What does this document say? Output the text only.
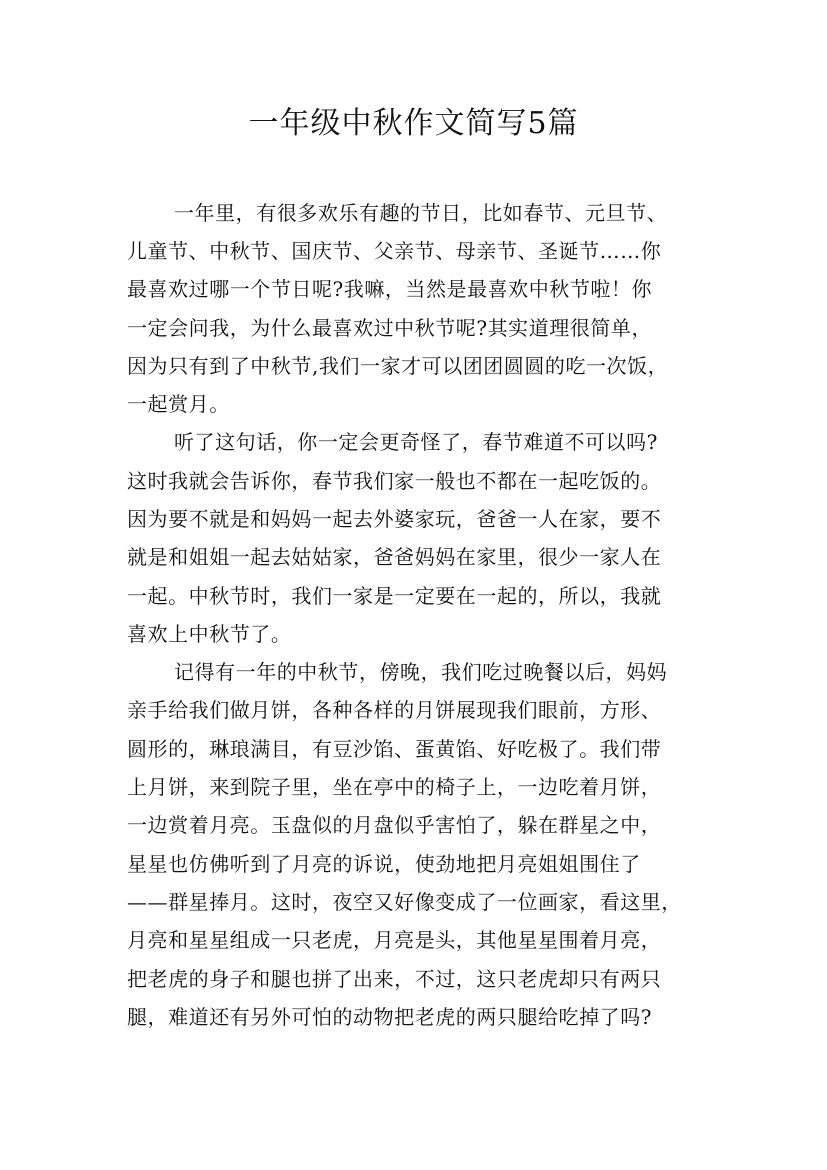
一年级中秋作文简写5篇
一年里，有很多欢乐有趣的节日，比如春节、元旦节、
儿童节、中秋节、国庆节、父亲节、母亲节、圣诞节……你
最喜欢过哪一个节日呢?我嘛，当然是最喜欢中秋节啦！你
一定会问我，为什么最喜欢过中秋节呢?其实道理很简单，
因为只有到了中秋节,我们一家才可以团团圆圆的吃一次饭，
一起赏月。
听了这句话，你一定会更奇怪了，春节难道不可以吗?
这时我就会告诉你，春节我们家一般也不都在一起吃饭的。
因为要不就是和妈妈一起去外婆家玩，爸爸一人在家，要不
就是和姐姐一起去姑姑家，爸爸妈妈在家里，很少一家人在
一起。中秋节时，我们一家是一定要在一起的，所以，我就
喜欢上中秋节了。
记得有一年的中秋节，傍晚，我们吃过晚餐以后，妈妈
亲手给我们做月饼，各种各样的月饼展现我们眼前，方形、
圆形的，琳琅满目，有豆沙馅、蛋黄馅、好吃极了。我们带
上月饼，来到院子里，坐在亭中的椅子上，一边吃着月饼，
一边赏着月亮。玉盘似的月盘似乎害怕了，躲在群星之中，
星星也仿佛听到了月亮的诉说，使劲地把月亮姐姐围住了
——群星捧月。这时，夜空又好像变成了一位画家，看这里，
月亮和星星组成一只老虎，月亮是头，其他星星围着月亮，
把老虎的身子和腿也拼了出来，不过，这只老虎却只有两只
腿，难道还有另外可怕的动物把老虎的两只腿给吃掉了吗?
